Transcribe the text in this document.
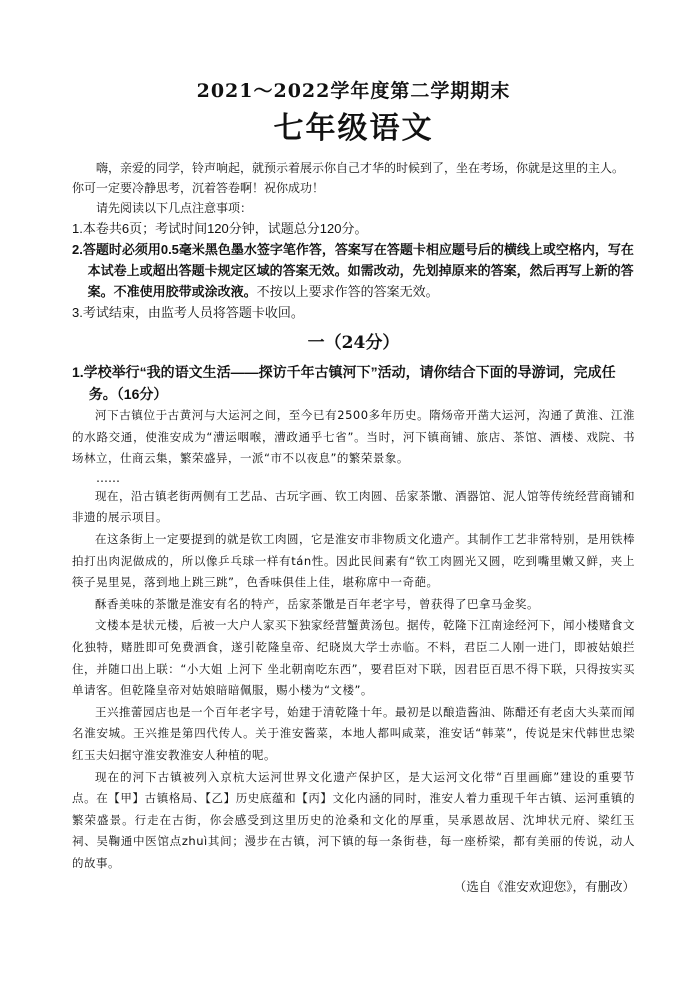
2021～2022学年度第二学期期末
七年级语文

嗨，亲爱的同学，铃声响起，就预示着展示你自己才华的时候到了，坐在考场，你就是这里的主人。你可一定要冷静思考，沉着答卷啊！祝你成功！

请先阅读以下几点注意事项：

1.本卷共6页；考试时间120分钟，试题总分120分。

2.答题时必须用0.5毫米黑色墨水签字笔作答，答案写在答题卡相应题号后的横线上或空格内，写在本试卷上或超出答题卡规定区域的答案无效。如需改动，先划掉原来的答案，然后再写上新的答案。不准使用胶带或涂改液。不按以上要求作答的答案无效。

3.考试结束，由监考人员将答题卡收回。

一（24分）

1.学校举行“我的语文生活——探访千年古镇河下”活动，请你结合下面的导游词，完成任务。（16分）

河下古镇位于古黄河与大运河之间，至今已有2500多年历史。隋炀帝开凿大运河，沟通了黄淮、江淮的水路交通，使淮安成为“漕运咽喉，漕政通乎七省”。当时，河下镇商铺、旅店、茶馆、酒楼、戏院、书场林立，仕商云集，繁荣盛异，一派“市不以夜息”的繁荣景象。

……

现在，沿古镇老街两侧有工艺品、古玩字画、钦工肉圆、岳家茶馓、酒器馆、泥人馆等传统经营商铺和非遗的展示项目。

在这条街上一定要提到的就是钦工肉圆，它是淮安市非物质文化遗产。其制作工艺非常特别，是用铁棒拍打出肉泥做成的，所以像乒乓球一样有tán性。因此民间素有“钦工肉圆光又圆，吃到嘴里嫩又鲜，夹上筷子晃里晃，落到地上跳三跳”，色香味俱佳上佳，堪称席中一奇葩。

酥香美味的茶馓是淮安有名的特产，岳家茶馓是百年老字号，曾获得了巴拿马金奖。

文楼本是状元楼，后被一大户人家买下独家经营蟹黄汤包。据传，乾隆下江南途经河下，闻小楼赌食文化独特，赌胜即可免费酒食，遂引乾隆皇帝、纪晓岚大学士赤临。不料，君臣二人刚一进门，即被姑娘拦住，并随口出上联：“小大姐 上河下 坐北朝南吃东西”，要君臣对下联，因君臣百思不得下联，只得按实买单请客。但乾隆皇帝对姑娘暗暗佩服，赐小楼为“文楼”。

王兴推蕾园店也是一个百年老字号，始建于清乾隆十年。最初是以酿造酱油、陈醋还有老卤大头菜而闻名淮安城。王兴推是第四代传人。关于淮安酱菜，本地人都叫咸菜，淮安话“韩菜”，传说是宋代韩世忠梁红玉夫妇据守淮安教淮安人种植的呢。

现在的河下古镇被列入京杭大运河世界文化遗产保护区，是大运河文化带“百里画廊”建设的重要节点。在【甲】古镇格局、【乙】历史底蕴和【丙】文化内涵的同时，淮安人着力重现千年古镇、运河重镇的繁荣盛景。行走在古街，你会感受到这里历史的沧桑和文化的厚重，吴承恩故居、沈坤状元府、梁红玉祠、吴鞠通中医馆点zhuì其间；漫步在古镇，河下镇的每一条街巷，每一座桥梁，都有美丽的传说，动人的故事。

（选自《淮安欢迎您》，有删改）
